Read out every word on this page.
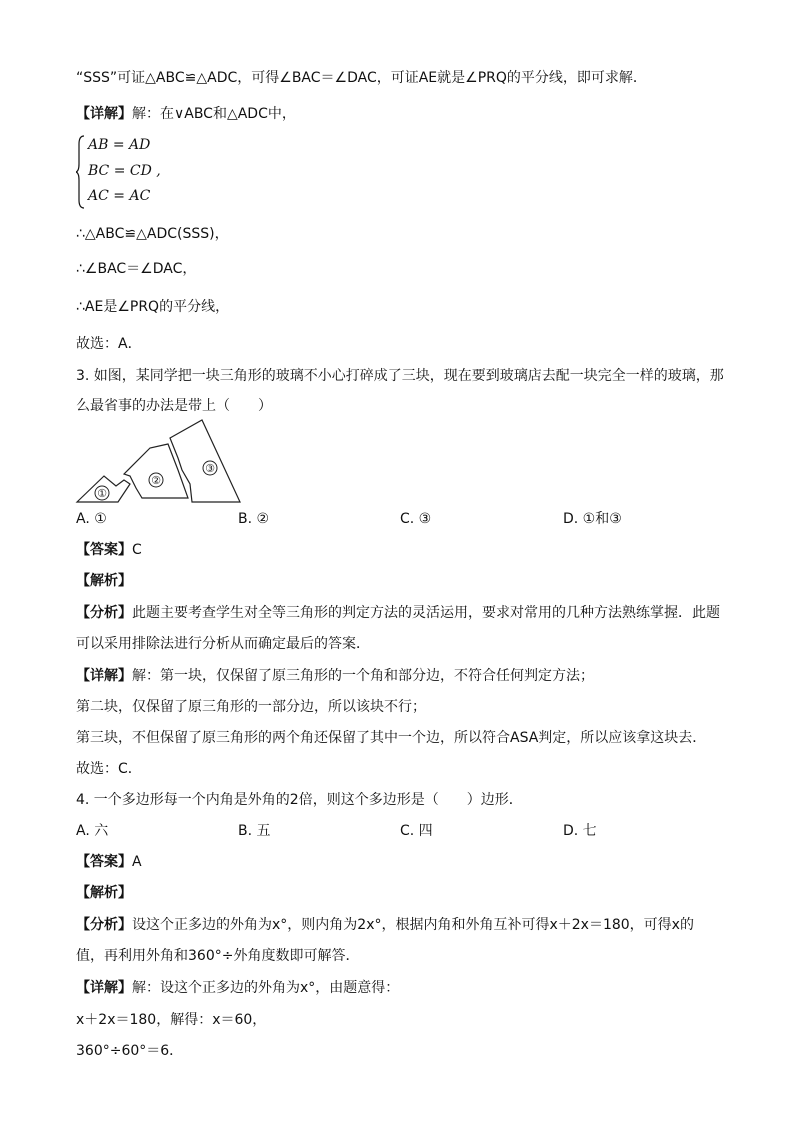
“SSS”可证△ABC≌△ADC，可得∠BAC＝∠DAC，可证AE就是∠PRQ的平分线，即可求解．
【详解】解：在∨ABC和△ADC中，
AB = AD
BC = CD ,
AC = AC
∴△ABC≌△ADC(SSS)，
∴∠BAC＝∠DAC，
∴AE是∠PRQ的平分线，
故选：A．
3. 如图，某同学把一块三角形的玻璃不小心打碎成了三块，现在要到玻璃店去配一块完全一样的玻璃，那
么最省事的办法是带上（　　）
①
②
③
A. ①	B. ②	C. ③	D. ①和③
【答案】C
【解析】
【分析】此题主要考查学生对全等三角形的判定方法的灵活运用，要求对常用的几种方法熟练掌握．此题
可以采用排除法进行分析从而确定最后的答案．
【详解】解：第一块，仅保留了原三角形的一个角和部分边，不符合任何判定方法；
第二块，仅保留了原三角形的一部分边，所以该块不行；
第三块，不但保留了原三角形的两个角还保留了其中一个边，所以符合ASA判定，所以应该拿这块去．
故选：C．
4. 一个多边形每一个内角是外角的2倍，则这个多边形是（　　）边形．
A. 六	B. 五	C. 四	D. 七
【答案】A
【解析】
【分析】设这个正多边的外角为x°，则内角为2x°，根据内角和外角互补可得x＋2x＝180，可得x的
值，再利用外角和360°÷外角度数即可解答．
【详解】解：设这个正多边的外角为x°，由题意得：
x＋2x＝180，解得：x＝60，
360°÷60°＝6．
